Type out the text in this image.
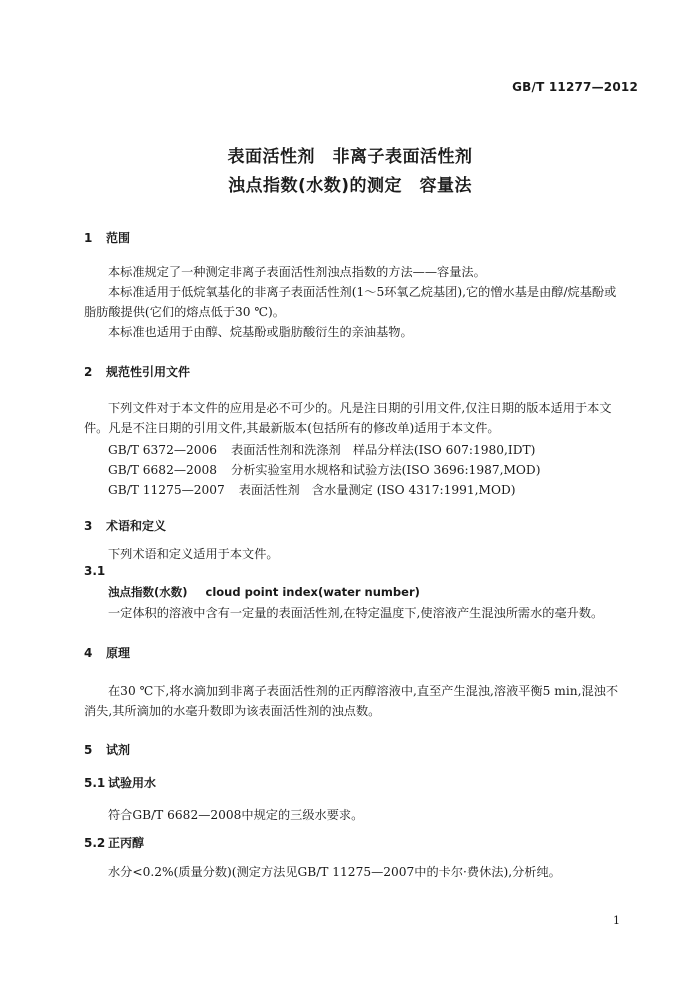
GB/T 11277—2012
表面活性剂　非离子表面活性剂
浊点指数(水数)的测定　容量法
1 范围
本标准规定了一种测定非离子表面活性剂浊点指数的方法——容量法。
本标准适用于低烷氧基化的非离子表面活性剂(1～5环氧乙烷基团),它的憎水基是由醇/烷基酚或脂肪酸提供(它们的熔点低于30 ℃)。
本标准也适用于由醇、烷基酚或脂肪酸衍生的亲油基物。
2 规范性引用文件
下列文件对于本文件的应用是必不可少的。凡是注日期的引用文件,仅注日期的版本适用于本文件。凡是不注日期的引用文件,其最新版本(包括所有的修改单)适用于本文件。
GB/T 6372—2006 表面活性剂和洗涤剂　样品分样法(ISO 607:1980,IDT)
GB/T 6682—2008 分析实验室用水规格和试验方法(ISO 3696:1987,MOD)
GB/T 11275—2007 表面活性剂　含水量测定 (ISO 4317:1991,MOD)
3 术语和定义
下列术语和定义适用于本文件。
3.1
浊点指数(水数) cloud point index(water number)
一定体积的溶液中含有一定量的表面活性剂,在特定温度下,使溶液产生混浊所需水的毫升数。
4 原理
在30 ℃下,将水滴加到非离子表面活性剂的正丙醇溶液中,直至产生混浊,溶液平衡5 min,混浊不消失,其所滴加的水毫升数即为该表面活性剂的浊点数。
5 试剂
5.1 试验用水
符合GB/T 6682—2008中规定的三级水要求。
5.2 正丙醇
水分<0.2%(质量分数)(测定方法见GB/T 11275—2007中的卡尔·费休法),分析纯。
1
